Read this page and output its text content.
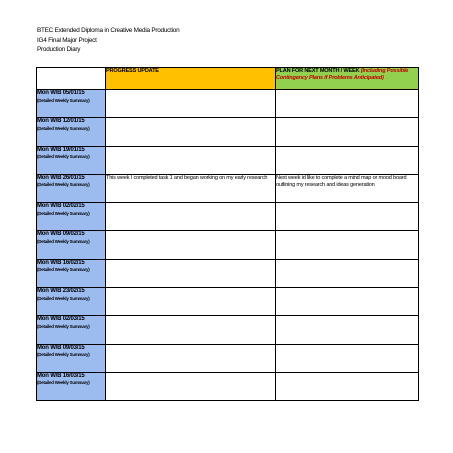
BTEC Extended Diploma in Creative Media Production
IG4 Final Major Project
Production Diary
	PROGRESS UPDATE	PLAN FOR NEXT MONTH / WEEK (Including Possible Contingency Plans if Problems Anticipated)

Mon W/B 05/01/15
(Detailed Weekly Summary)		

Mon W/B 12/01/15
(Detailed Weekly Summary)		

Mon W/B 19/01/15
(Detailed Weekly Summary)		

Mon W/B 26/01/15
(Detailed Weekly Summary)	This week I completed task 1 and began working on my early research	Next week id like to complete a mind map or mood board outlining my research and ideas generation

Mon W/B 02/02/15
(Detailed Weekly Summary)		

Mon W/B 09/02/15
(Detailed Weekly Summary)		

Mon W/B 16/02/15
(Detailed Weekly Summary)		

Mon W/B 23/02/15
(Detailed Weekly Summary)		

Mon W/B 02/03/15
(Detailed Weekly Summary)		

Mon W/B 09/03/15
(Detailed Weekly Summary)		

Mon W/B 16/03/15
(Detailed Weekly Summary)		
